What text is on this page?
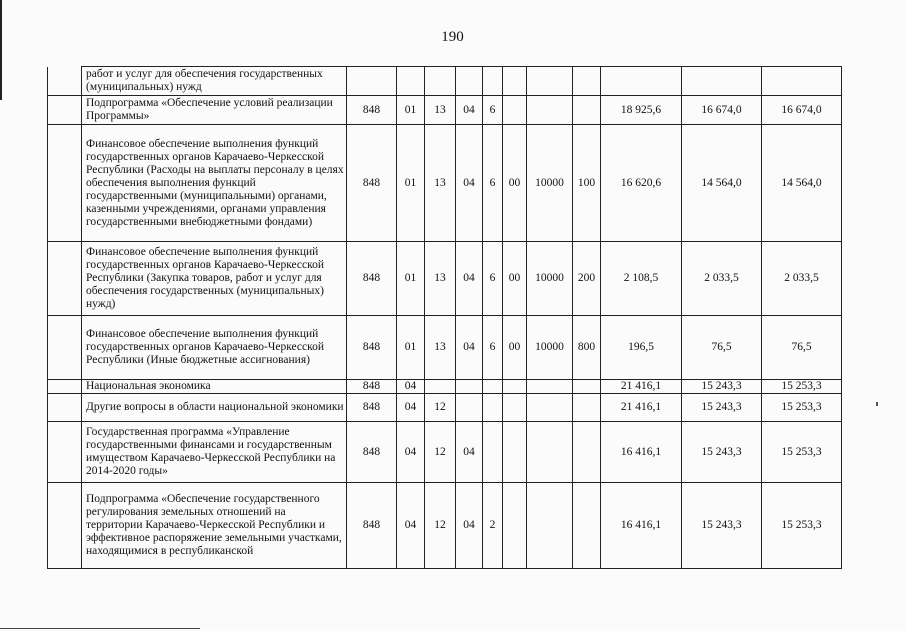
190
	работ и услуг для обеспечения государственных (муниципальных) нужд											
	Подпрограмма «Обеспечение условий реализации Программы»	848	01	13	04	6				18 925,6	16 674,0	16 674,0
	Финансовое обеспечение выполнения функций государственных органов Карачаево-Черкесской Республики (Расходы на выплаты персоналу в целях обеспечения выполнения функций государственными (муниципальными) органами, казенными учреждениями, органами управления государственными внебюджетными фондами)	848	01	13	04	6	00	10000	100	16 620,6	14 564,0	14 564,0
	Финансовое обеспечение выполнения функций государственных органов Карачаево-Черкесской Республики (Закупка товаров, работ и услуг для обеспечения государственных (муниципальных) нужд)	848	01	13	04	6	00	10000	200	2 108,5	2 033,5	2 033,5
	Финансовое обеспечение выполнения функций государственных органов Карачаево-Черкесской Республики (Иные бюджетные ассигнования)	848	01	13	04	6	00	10000	800	196,5	76,5	76,5
	Национальная экономика	848	04							21 416,1	15 243,3	15 253,3
	Другие вопросы в области национальной экономики	848	04	12						21 416,1	15 243,3	15 253,3
	Государственная программа «Управление государственными финансами и государственным имуществом Карачаево-Черкесской Республики на 2014-2020 годы»	848	04	12	04					16 416,1	15 243,3	15 253,3
	Подпрограмма «Обеспечение государственного регулирования земельных отношений на территории Карачаево-Черкесской Республики и эффективное распоряжение земельными участками, находящимися в республиканской	848	04	12	04	2				16 416,1	15 243,3	15 253,3
